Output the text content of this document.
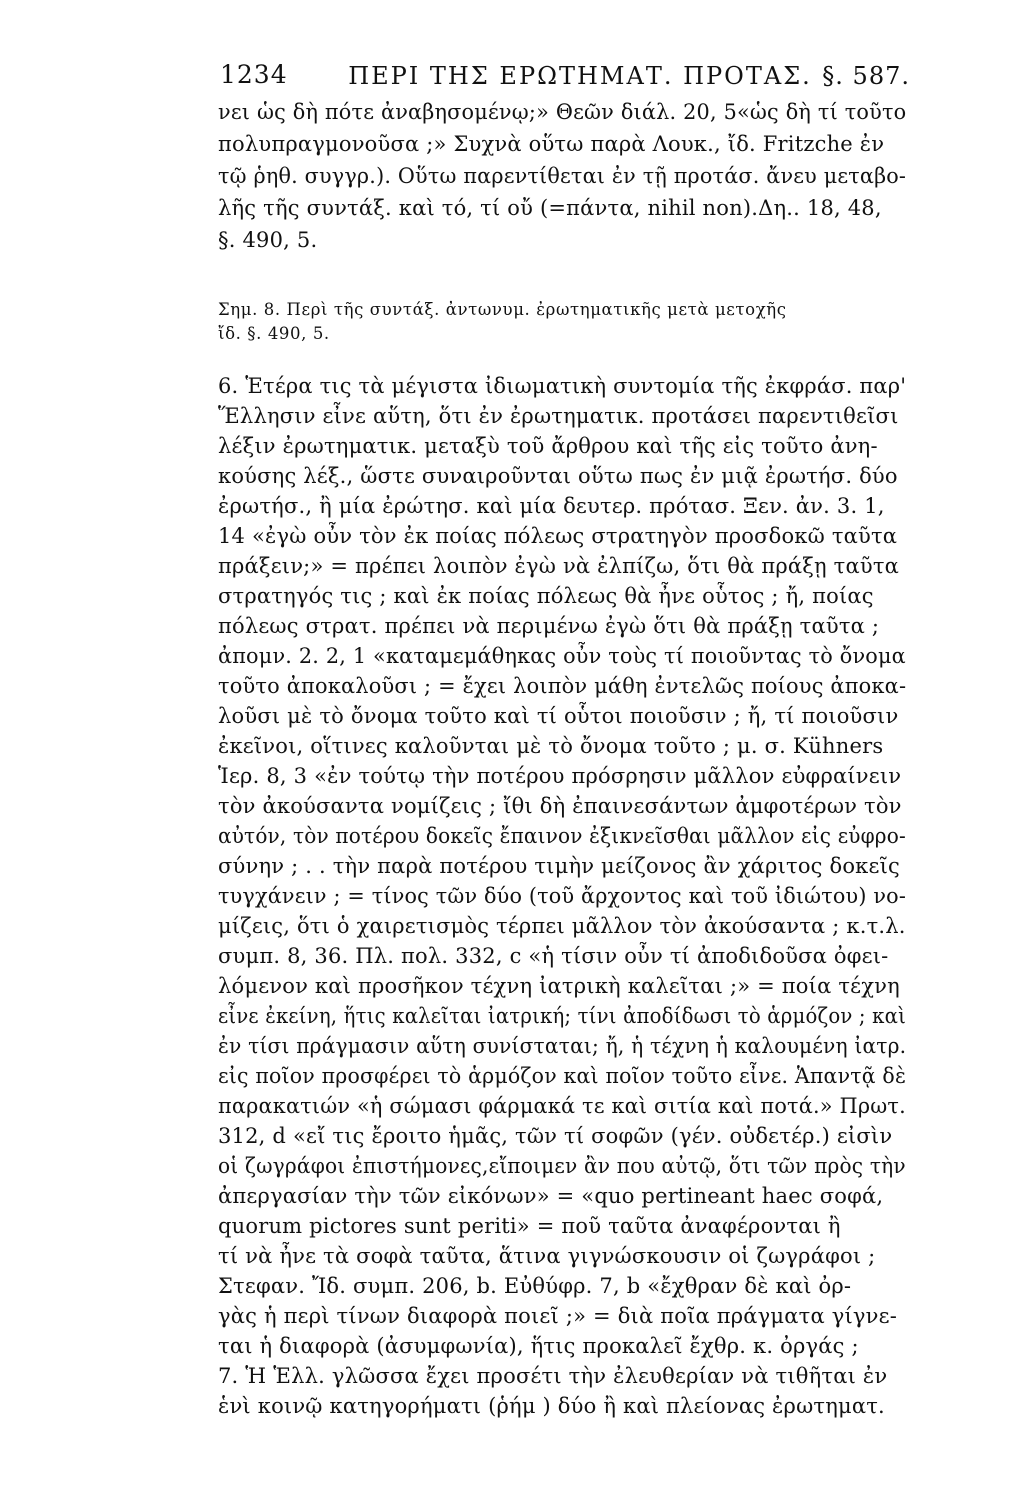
1234	ΠΕΡΙ ΤΗΣ ΕΡΩΤΗΜΑΤ. ΠΡΟΤΑΣ. §. 587.
νει ὡς δὴ πότε ἀναβησομένῳ;» Θεῶν διάλ. 20, 5«ὡς δὴ τί τοῦτο
πολυπραγμονοῦσα ;» Συχνὰ οὕτω παρὰ Λουκ., ἴδ. Fritzche ἐν
τῷ ῥηθ. συγγρ.). Οὕτω παρεντίθεται ἐν τῇ προτάσ. ἄνευ μεταβο-
λῆς τῆς συντάξ. καὶ τό, τί οὔ (=πάντα, nihil non).Δη.. 18, 48,
§. 490, 5.
Σημ. 8. Περὶ τῆς συντάξ. ἀντωνυμ. ἐρωτηματικῆς μετὰ μετοχῆς
ἴδ. §. 490, 5.
6. Ἑτέρα τις τὰ μέγιστα ἰδιωματικὴ συντομία τῆς ἐκφράσ. παρ'
Ἕλλησιν εἶνε αὕτη, ὅτι ἐν ἐρωτηματικ. προτάσει παρεντιθεῖσι
λέξιν ἐρωτηματικ. μεταξὺ τοῦ ἄρθρου καὶ τῆς εἰς τοῦτο ἀνη-
κούσης λέξ., ὥστε συναιροῦνται οὕτω πως ἐν μιᾷ ἐρωτήσ. δύο
ἐρωτήσ., ἢ μία ἐρώτησ. καὶ μία δευτερ. πρότασ. Ξεν. ἀν. 3. 1,
14 «ἐγὼ οὖν τὸν ἐκ ποίας πόλεως στρατηγὸν προσδοκῶ ταῦτα
πράξειν;» = πρέπει λοιπὸν ἐγὼ νὰ ἐλπίζω, ὅτι θὰ πράξῃ ταῦτα
στρατηγός τις ; καὶ ἐκ ποίας πόλεως θὰ ἦνε οὗτος ; ἤ, ποίας
πόλεως στρατ. πρέπει νὰ περιμένω ἐγὼ ὅτι θὰ πράξῃ ταῦτα ;
ἀπομν. 2. 2, 1 «καταμεμάθηκας οὖν τοὺς τί ποιοῦντας τὸ ὄνομα
τοῦτο ἀποκαλοῦσι ; = ἔχει λοιπὸν μάθη ἐντελῶς ποίους ἀποκα-
λοῦσι μὲ τὸ ὄνομα τοῦτο καὶ τί οὗτοι ποιοῦσιν ; ἤ, τί ποιοῦσιν
ἐκεῖνοι, οἵτινες καλοῦνται μὲ τὸ ὄνομα τοῦτο ; μ. σ. Kühners
Ἱερ. 8, 3 «ἐν τούτῳ τὴν ποτέρου πρόσρησιν μᾶλλον εὐφραίνειν
τὸν ἀκούσαντα νομίζεις ; ἴθι δὴ ἐπαινεσάντων ἀμφοτέρων τὸν
αὐτόν, τὸν ποτέρου δοκεῖς ἔπαινον ἐξικνεῖσθαι μᾶλλον εἰς εὐφρο-
σύνην ; . . τὴν παρὰ ποτέρου τιμὴν μείζονος ἂν χάριτος δοκεῖς
τυγχάνειν ; = τίνος τῶν δύο (τοῦ ἄρχοντος καὶ τοῦ ἰδιώτου) νο-
μίζεις, ὅτι ὁ χαιρετισμὸς τέρπει μᾶλλον τὸν ἀκούσαντα ; κ.τ.λ.
συμπ. 8, 36. Πλ. πολ. 332, c «ἡ τίσιν οὖν τί ἀποδιδοῦσα ὀφει-
λόμενον καὶ προσῆκον τέχνη ἰατρικὴ καλεῖται ;» = ποία τέχνη
εἶνε ἐκείνη, ἥτις καλεῖται ἰατρική; τίνι ἀποδίδωσι τὸ ἁρμόζον ; καὶ
ἐν τίσι πράγμασιν αὕτη συνίσταται; ἤ, ἡ τέχνη ἡ καλουμένη ἰατρ.
εἰς ποῖον προσφέρει τὸ ἁρμόζον καὶ ποῖον τοῦτο εἶνε. Ἁπαντᾷ δὲ
παρακατιών «ἡ σώμασι φάρμακά τε καὶ σιτία καὶ ποτά.» Πρωτ.
312, d «εἴ τις ἔροιτο ἡμᾶς, τῶν τί σοφῶν (γέν. οὐδετέρ.) εἰσὶν
οἱ ζωγράφοι ἐπιστήμονες,εἴποιμεν ἂν που αὐτῷ, ὅτι τῶν πρὸς τὴν
ἀπεργασίαν τὴν τῶν εἰκόνων» = «quo pertineant haec σοφά,
quorum pictores sunt periti» = ποῦ ταῦτα ἀναφέρονται ἢ
τί νὰ ἦνε τὰ σοφὰ ταῦτα, ἅτινα γιγνώσκουσιν οἱ ζωγράφοι ;
Στεφαν. Ἴδ. συμπ. 206, b. Εὐθύφρ. 7, b «ἔχθραν δὲ καὶ ὀρ-
γὰς ἡ περὶ τίνων διαφορὰ ποιεῖ ;» = διὰ ποῖα πράγματα γίγνε-
ται ἡ διαφορὰ (ἀσυμφωνία), ἥτις προκαλεῖ ἔχθρ. κ. ὀργάς ;
7. Ἡ Ἑλλ. γλῶσσα ἔχει προσέτι τὴν ἐλευθερίαν νὰ τιθῆται ἐν
ἑνὶ κοινῷ κατηγορήματι (ῥήμ ) δύο ἢ καὶ πλείονας ἐρωτηματ.
